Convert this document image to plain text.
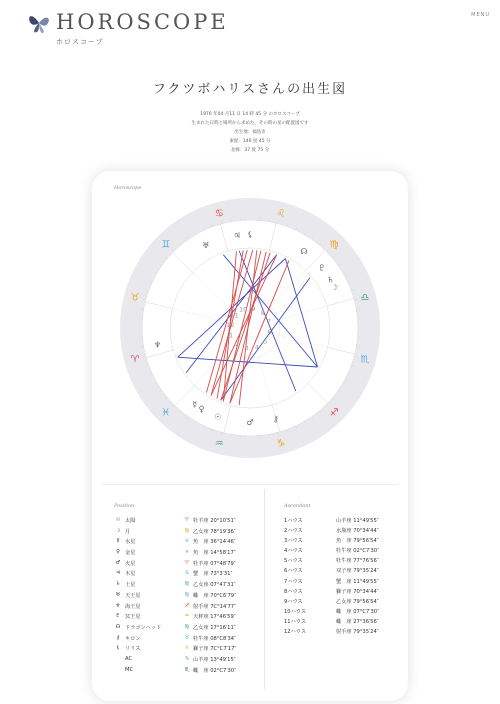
HOROSCOPE
ホロスコープ
MENU
フクツボハリスさんの出生図
1970 年04 月11 日 14 時 45 分 のホロスコープ
生まれた日時と場所から求めた、その時の星の配置図です
出生地：福島市
東経：140 度 45 分
北緯：37 度 75 分
Horoscope
♌
♋
♊
♉
♈
♓
♒	♑
♐
♏
♎
♍
☉
☽
☿
♀
♂
♃
♄
♅
♆
♇
☊
⚷
⚸
1
2
3 4
5
6
7
8
9
10
11
12
Position	Ascendant
☉ 太陽	♈ 牡羊座 20°10′51″
☽ 月	♍ 乙女座 78°19′36″
☿	水星	♓ 魚　座 36°14′46″
♀ 金星	♓ 魚　座 14°58′17″
♂ 火星	♈ 牡羊座 07°48′79″
♃ 木星	♋ 蟹　座 73°3′31″
♄ 土星	♍ 乙女座 07°47′31″
♅ 天王星	♍ 蠍　座 70°C6′79″
♆ 海王星	♐ 射手座 7C°14′77″
♇ 冥王星	♒ 天秤座 17°46′59″
☊ ドラゴンヘッド	♍ 乙女座 17°16′11″
⚷ キロン	♉ 牡牛座 08°C8′34″
⚸ リリス	♌ 獅子座 7C°C7′17″
AC	♑ 山羊座 13°49′15″
MC	♏ 蠍　座 02°C7′30″
1ハウス	山羊座 11°49′55″
2ハウス	水瓶座 70°34′44″
3ハウス	魚　座 79°56′54″
4ハウス	牡牛座 02°C7′30″
5ハウス	牡牛座 77°76′56″
6ハウス	双子座 79°35′24″
7ハウス	蟹　座 11°49′55″
8ハウス	獅子座 70°34′44″
9ハウス	乙女座 79°56′54″
10ハウス	蠍　座 07°C7′30″
11ハウス	蠍　座 27°36′56″
12ハウス	射手座 79°35′24″
